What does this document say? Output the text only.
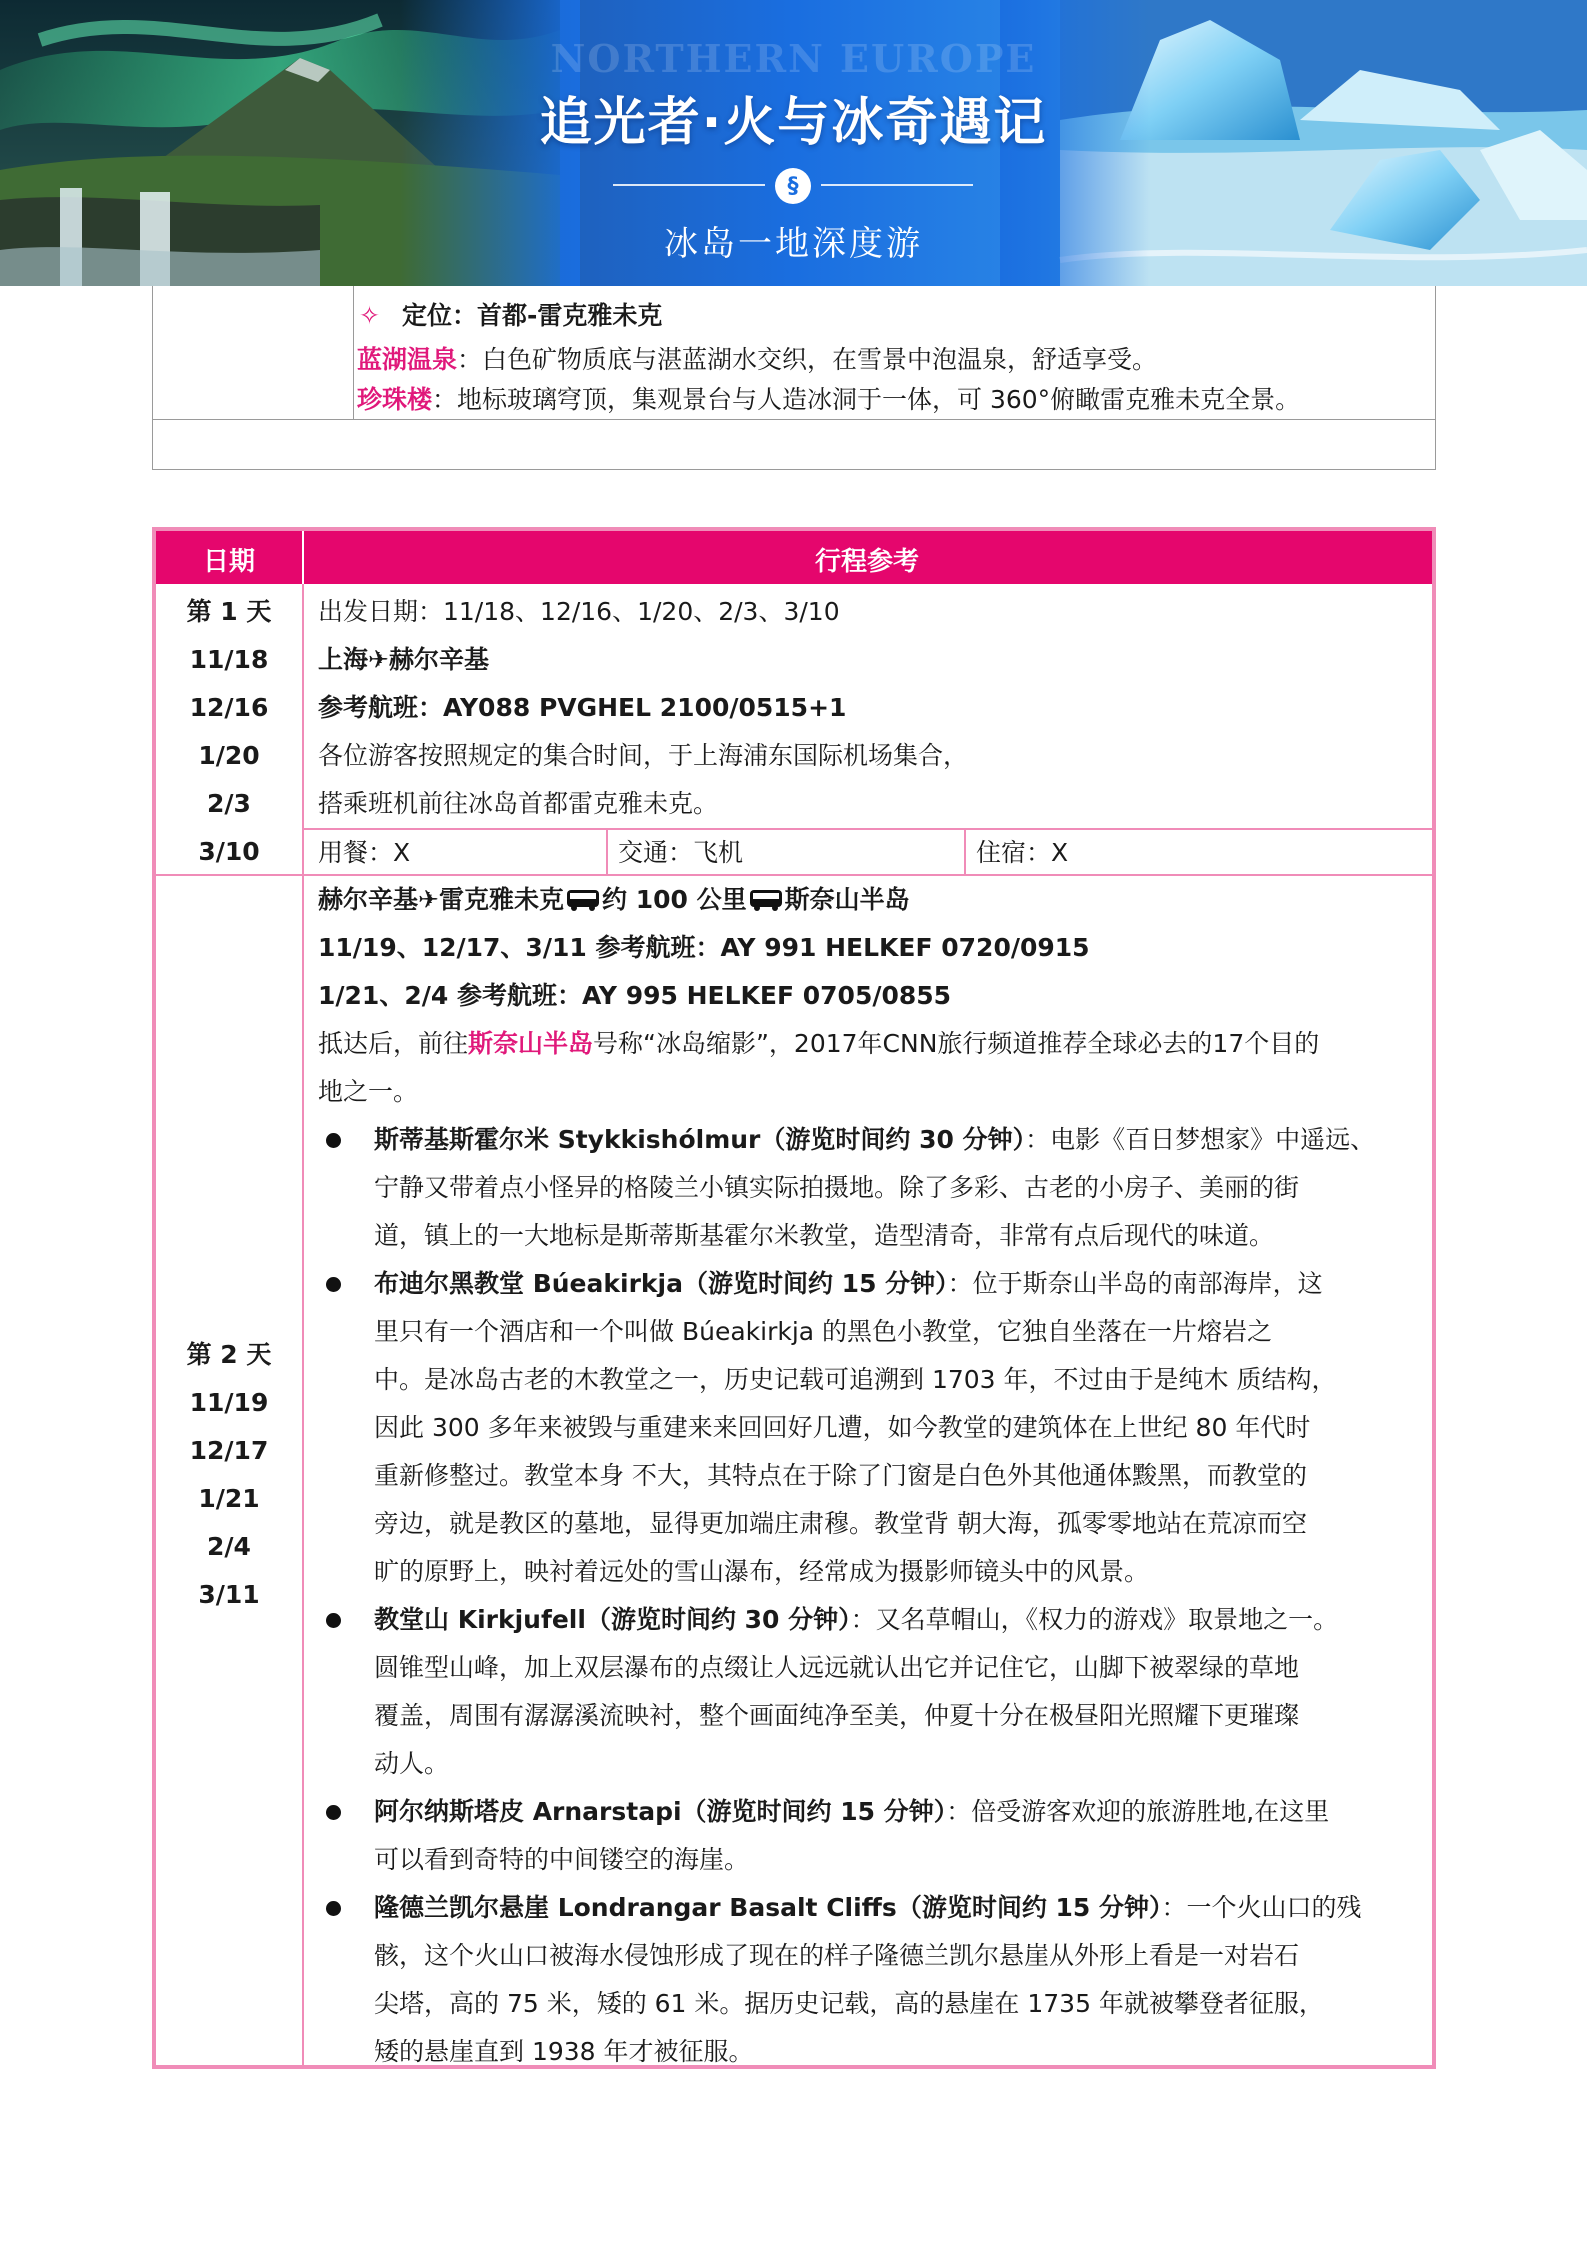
NORTHERN EUROPE
追光者·火与冰奇遇记
§
冰岛一地深度游
✧ 定位：首都-雷克雅未克
蓝湖温泉：白色矿物质底与湛蓝湖水交织，在雪景中泡温泉，舒适享受。
珍珠楼：地标玻璃穹顶，集观景台与人造冰洞于一体，可 360°俯瞰雷克雅未克全景。
日期	行程参考
第 1 天
11/18
12/16
1/20
2/3
3/10
出发日期：11/18、12/16、1/20、2/3、3/10
上海✈赫尔辛基
参考航班：AY088 PVGHEL 2100/0515+1
各位游客按照规定的集合时间，于上海浦东国际机场集合，
搭乘班机前往冰岛首都雷克雅未克。
用餐：X	交通：飞机	住宿：X
第 2 天
11/19
12/17
1/21
2/4
3/11
赫尔辛基✈雷克雅未克 约 100 公里 斯奈山半岛
11/19、12/17、3/11 参考航班：AY 991 HELKEF 0720/0915
1/21、2/4 参考航班：AY 995 HELKEF 0705/0855
抵达后，前往斯奈山半岛号称“冰岛缩影”，2017年CNN旅行频道推荐全球必去的17个目的
地之一。
斯蒂基斯霍尔米 Stykkishólmur（游览时间约 30 分钟）：电影《百日梦想家》中遥远、
宁静又带着点小怪异的格陵兰小镇实际拍摄地。除了多彩、古老的小房子、美丽的街
道，镇上的一大地标是斯蒂斯基霍尔米教堂，造型清奇，非常有点后现代的味道。
布迪尔黑教堂 Búeakirkja（游览时间约 15 分钟）：位于斯奈山半岛的南部海岸，这
里只有一个酒店和一个叫做 Búeakirkja 的黑色小教堂，它独自坐落在一片熔岩之
中。是冰岛古老的木教堂之一，历史记载可追溯到 1703 年，不过由于是纯木 质结构，
因此 300 多年来被毁与重建来来回回好几遭，如今教堂的建筑体在上世纪 80 年代时
重新修整过。教堂本身 不大，其特点在于除了门窗是白色外其他通体黢黑，而教堂的
旁边，就是教区的墓地，显得更加端庄肃穆。教堂背 朝大海，孤零零地站在荒凉而空
旷的原野上，映衬着远处的雪山瀑布，经常成为摄影师镜头中的风景。
教堂山 Kirkjufell（游览时间约 30 分钟）：又名草帽山，《权力的游戏》取景地之一。
圆锥型山峰，加上双层瀑布的点缀让人远远就认出它并记住它，山脚下被翠绿的草地
覆盖，周围有潺潺溪流映衬，整个画面纯净至美，仲夏十分在极昼阳光照耀下更璀璨
动人。
阿尔纳斯塔皮 Arnarstapi（游览时间约 15 分钟）：倍受游客欢迎的旅游胜地,在这里
可以看到奇特的中间镂空的海崖。
隆德兰凯尔悬崖 Londrangar Basalt Cliffs（游览时间约 15 分钟）：一个火山口的残
骸，这个火山口被海水侵蚀形成了现在的样子隆德兰凯尔悬崖从外形上看是一对岩石
尖塔，高的 75 米，矮的 61 米。据历史记载，高的悬崖在 1735 年就被攀登者征服，
矮的悬崖直到 1938 年才被征服。
